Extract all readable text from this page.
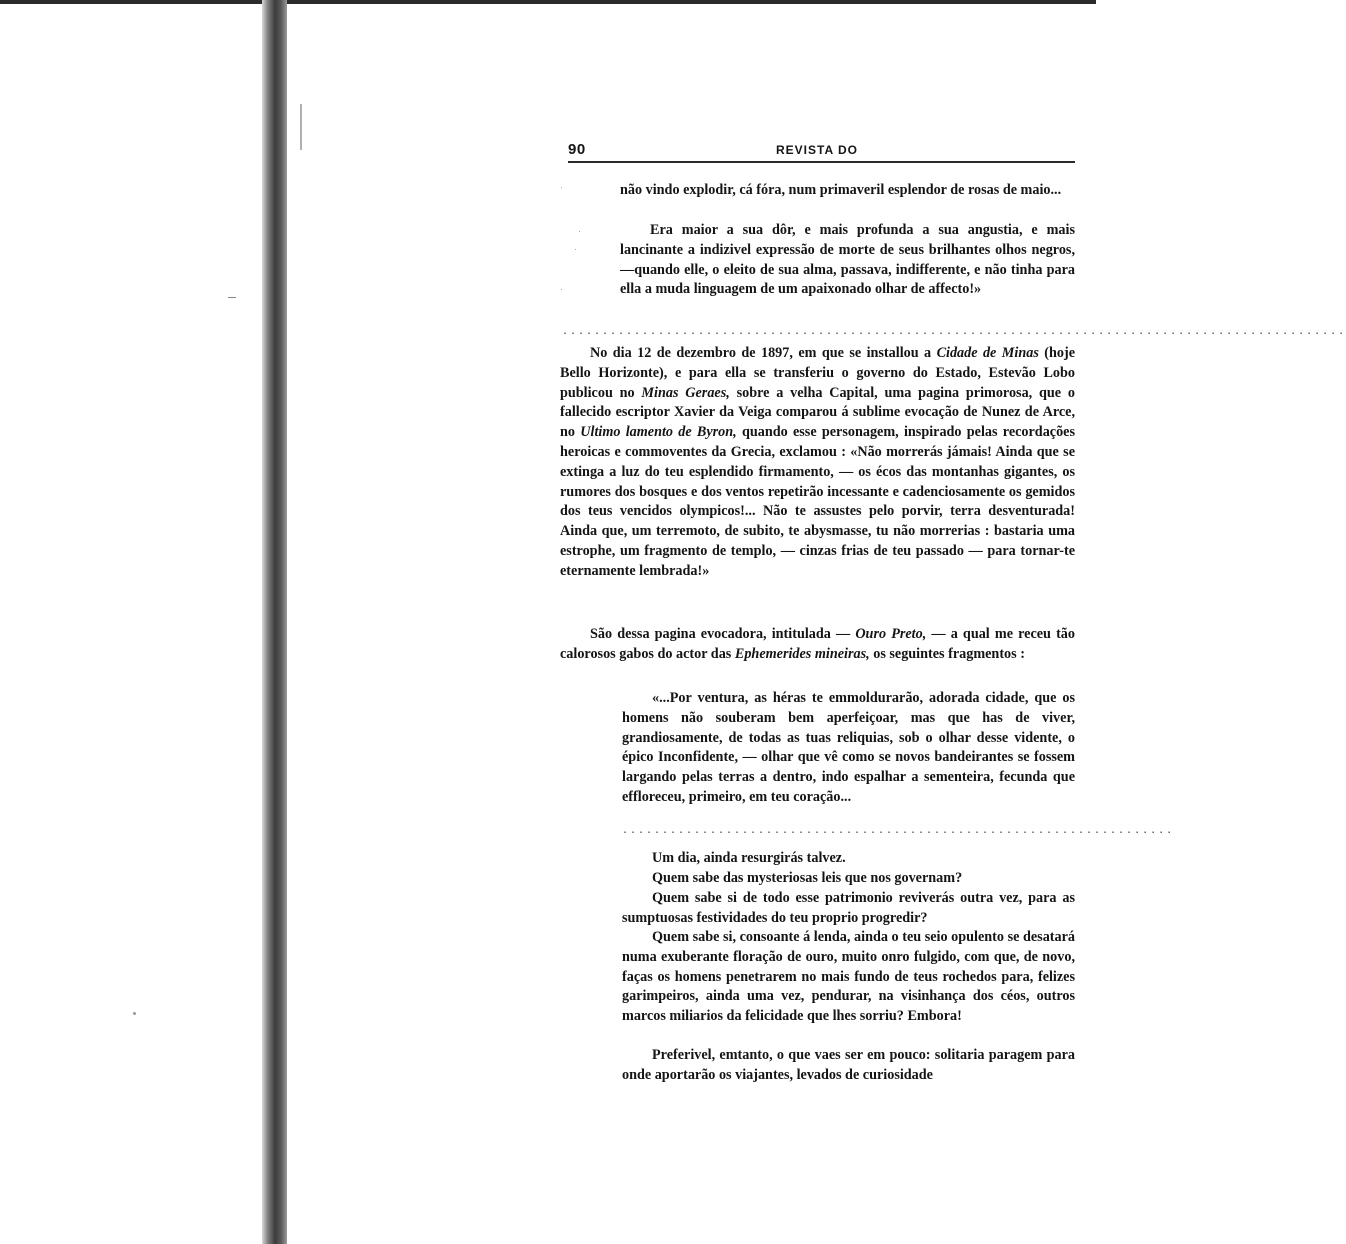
90	REVISTA DO
·
·
·
·

não vindo explodir, cá fóra, num primaveril esplendor de rosas de maio...

Era maior a sua dôr, e mais profunda a sua angustia, e mais lancinante a indizivel expressão de morte de seus brilhantes olhos negros,—quando elle, o eleito de sua alma, passava, indifferente, e não tinha para ella a muda linguagem de um apaixonado olhar de affecto!»

··································································································

No dia 12 de dezembro de 1897, em que se installou a Cidade de Minas (hoje Bello Horizonte), e para ella se transferiu o governo do Estado, Estevão Lobo publicou no Minas Geraes, sobre a velha Capital, uma pagina primorosa, que o fallecido escriptor Xavier da Veiga comparou á sublime evocação de Nunez de Arce, no Ultimo lamento de Byron, quando esse personagem, inspirado pelas recordações heroicas e commoventes da Grecia, exclamou : «Não morrerás jámais! Ainda que se extinga a luz do teu esplendido firmamento, — os écos das montanhas gigantes, os rumores dos bosques e dos ventos repetirão incessante e cadenciosamente os gemidos dos teus vencidos olympicos!... Não te assustes pelo porvir, terra desventurada! Ainda que, um terremoto, de subito, te abysmasse, tu não morrerias : bastaria uma estrophe, um fragmento de templo, — cinzas frias de teu passado — para tornar-te eternamente lembrada!»

São dessa pagina evocadora, intitulada — Ouro Preto, — a qual me receu tão calorosos gabos do actor das Ephemerides mineiras, os seguintes fragmentos :

«...Por ventura, as héras te emmoldurarão, adorada cidade, que os homens não souberam bem aperfeiçoar, mas que has de viver, grandiosamente, de todas as tuas reliquias, sob o olhar desse vidente, o épico Inconfidente, — olhar que vê como se novos bandeirantes se fossem largando pelas terras a dentro, indo espalhar a sementeira, fecunda que effloreceu, primeiro, em teu coração...

·····································································

Um dia, ainda resurgirás talvez.

Quem sabe das mysteriosas leis que nos governam?

Quem sabe si de todo esse patrimonio reviverás outra vez, para as sumptuosas festividades do teu proprio progredir?

Quem sabe si, consoante á lenda, ainda o teu seio opulento se desatará numa exuberante floração de ouro, muito onro fulgido, com que, de novo, faças os homens penetrarem no mais fundo de teus rochedos para, felizes garimpeiros, ainda uma vez, pendurar, na visinhança dos céos, outros marcos miliarios da felicidade que lhes sorriu? Embora!

Preferivel, emtanto, o que vaes ser em pouco: solitaria paragem para onde aportarão os viajantes, levados de curiosidade
